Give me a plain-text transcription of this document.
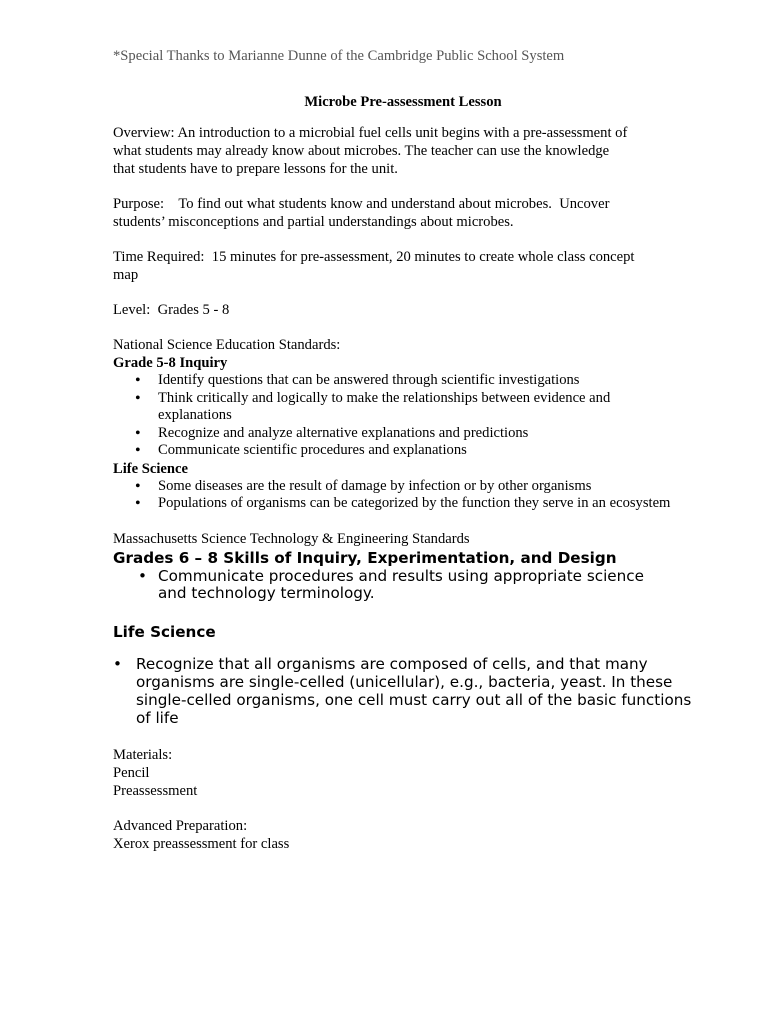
*Special Thanks to Marianne Dunne of the Cambridge Public School System

Microbe Pre-assessment Lesson

Overview: An introduction to a microbial fuel cells unit begins with a pre-assessment of
what students may already know about microbes. The teacher can use the knowledge
that students have to prepare lessons for the unit.
Purpose:    To find out what students know and understand about microbes.  Uncover
students’ misconceptions and partial understandings about microbes.
Time Required:  15 minutes for pre-assessment, 20 minutes to create whole class concept
map
Level:  Grades 5 - 8
National Science Education Standards:
Grade 5-8 Inquiry
• Identify questions that can be answered through scientific investigations
• Think critically and logically to make the relationships between evidence and explanations
• Recognize and analyze alternative explanations and predictions
• Communicate scientific procedures and explanations
Life Science
• Some diseases are the result of damage by infection or by other organisms
• Populations of organisms can be categorized by the function they serve in an ecosystem
Massachusetts Science Technology & Engineering Standards
Grades 6 – 8 Skills of Inquiry, Experimentation, and Design
• Communicate procedures and results using appropriate science and technology terminology.
Life Science
• Recognize that all organisms are composed of cells, and that many organisms are single-celled (unicellular), e.g., bacteria, yeast. In these single-celled organisms, one cell must carry out all of the basic functions of life
Materials:
Pencil
Preassessment
Advanced Preparation:
Xerox preassessment for class
